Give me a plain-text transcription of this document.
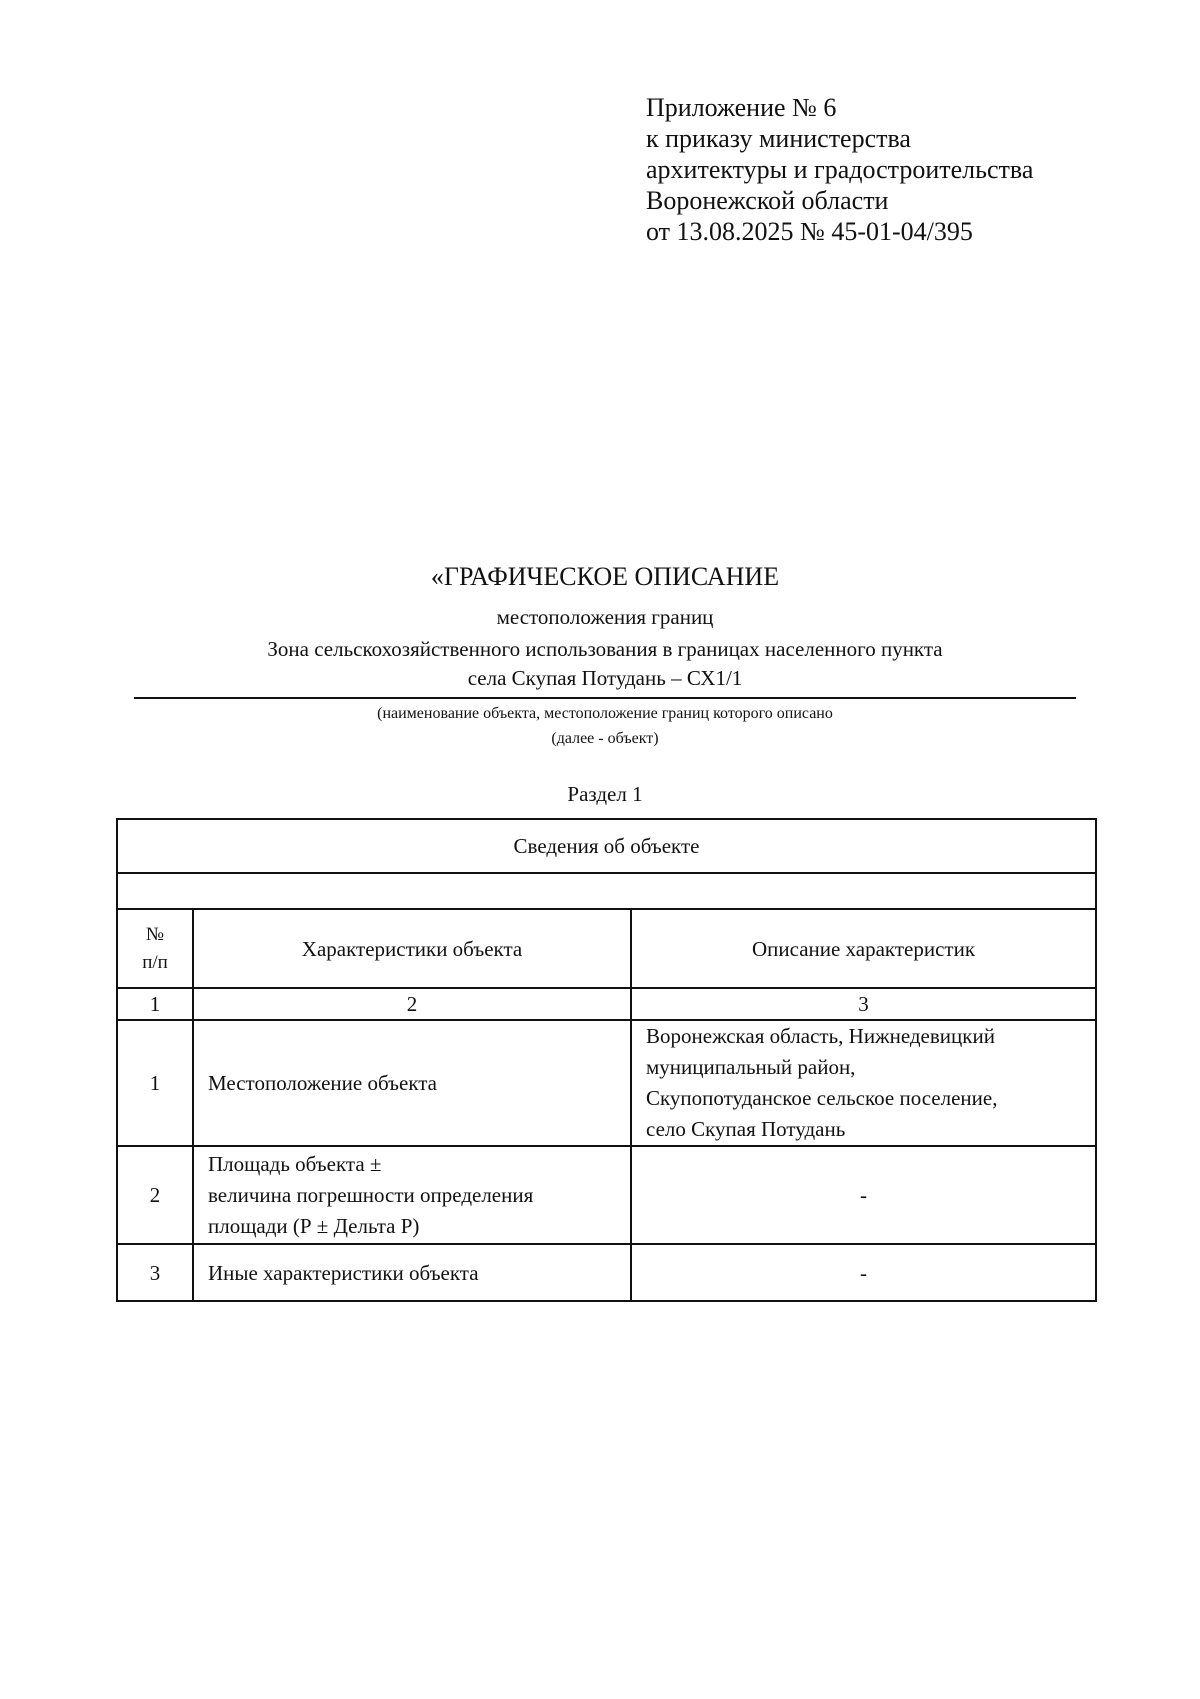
Приложение № 6
к приказу министерства
архитектуры и градостроительства
Воронежской области
от 13.08.2025 № 45-01-04/395
«ГРАФИЧЕСКОЕ ОПИСАНИЕ
местоположения границ
Зона сельскохозяйственного использования в границах населенного пункта
села Скупая Потудань – СХ1/1
(наименование объекта, местоположение границ которого описано
(далее - объект)
Раздел 1
Сведения об объекте		

№
п/п	Характеристики объекта	Описание характеристик
1	2	3
1	Местоположение объекта	Воронежская область, Нижнедевицкий
муниципальный район,
Скупопотуданское сельское поселение,
село Скупая Потудань

2	Площадь объекта ±
величина погрешности определения
площади (Р ± Дельта Р)	-

3	Иные характеристики объекта	-
